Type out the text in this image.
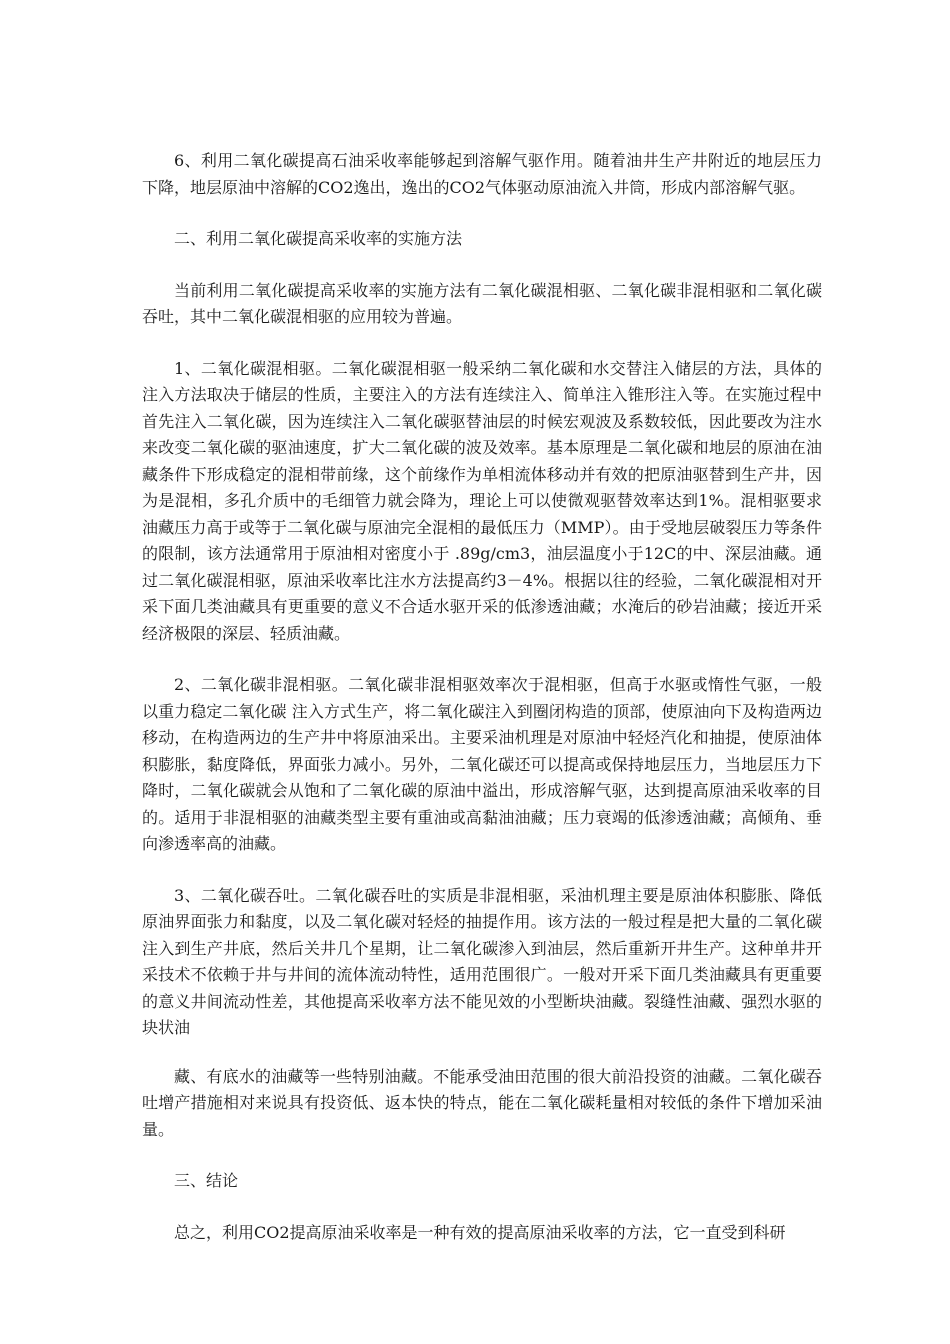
6、利用二氧化碳提高石油采收率能够起到溶解气驱作用。随着油井生产井附近的地层压力下降，地层原油中溶解的CO2逸出，逸出的CO2气体驱动原油流入井筒，形成内部溶解气驱。

二、利用二氧化碳提高采收率的实施方法

当前利用二氧化碳提高采收率的实施方法有二氧化碳混相驱、二氧化碳非混相驱和二氧化碳吞吐，其中二氧化碳混相驱的应用较为普遍。

1、二氧化碳混相驱。二氧化碳混相驱一般采纳二氧化碳和水交替注入储层的方法，具体的注入方法取决于储层的性质，主要注入的方法有连续注入、简单注入锥形注入等。在实施过程中首先注入二氧化碳，因为连续注入二氧化碳驱替油层的时候宏观波及系数较低，因此要改为注水来改变二氧化碳的驱油速度，扩大二氧化碳的波及效率。基本原理是二氧化碳和地层的原油在油藏条件下形成稳定的混相带前缘，这个前缘作为单相流体移动并有效的把原油驱替到生产井，因为是混相，多孔介质中的毛细管力就会降为，理论上可以使微观驱替效率达到1%。混相驱要求油藏压力高于或等于二氧化碳与原油完全混相的最低压力（MMP）。由于受地层破裂压力等条件的限制，该方法通常用于原油相对密度小于 .89g/cm3，油层温度小于12C的中、深层油藏。通过二氧化碳混相驱，原油采收率比注水方法提高约3－4%。根据以往的经验，二氧化碳混相对开采下面几类油藏具有更重要的意义不合适水驱开采的低渗透油藏；水淹后的砂岩油藏；接近开采经济极限的深层、轻质油藏。

2、二氧化碳非混相驱。二氧化碳非混相驱效率次于混相驱，但高于水驱或惰性气驱，一般以重力稳定二氧化碳 注入方式生产，将二氧化碳注入到圈闭构造的顶部，使原油向下及构造两边移动，在构造两边的生产井中将原油采出。主要采油机理是对原油中轻烃汽化和抽提，使原油体积膨胀，黏度降低，界面张力减小。另外，二氧化碳还可以提高或保持地层压力，当地层压力下降时，二氧化碳就会从饱和了二氧化碳的原油中溢出，形成溶解气驱，达到提高原油采收率的目的。适用于非混相驱的油藏类型主要有重油或高黏油油藏；压力衰竭的低渗透油藏；高倾角、垂向渗透率高的油藏。

3、二氧化碳吞吐。二氧化碳吞吐的实质是非混相驱，采油机理主要是原油体积膨胀、降低原油界面张力和黏度，以及二氧化碳对轻烃的抽提作用。该方法的一般过程是把大量的二氧化碳注入到生产井底，然后关井几个星期，让二氧化碳渗入到油层，然后重新开井生产。这种单井开采技术不依赖于井与井间的流体流动特性，适用范围很广。一般对开采下面几类油藏具有更重要的意义井间流动性差，其他提高采收率方法不能见效的小型断块油藏。裂缝性油藏、强烈水驱的块状油

藏、有底水的油藏等一些特别油藏。不能承受油田范围的很大前沿投资的油藏。二氧化碳吞吐增产措施相对来说具有投资低、返本快的特点，能在二氧化碳耗量相对较低的条件下增加采油量。

三、结论

总之，利用CO2提高原油采收率是一种有效的提高原油采收率的方法，它一直受到科研
